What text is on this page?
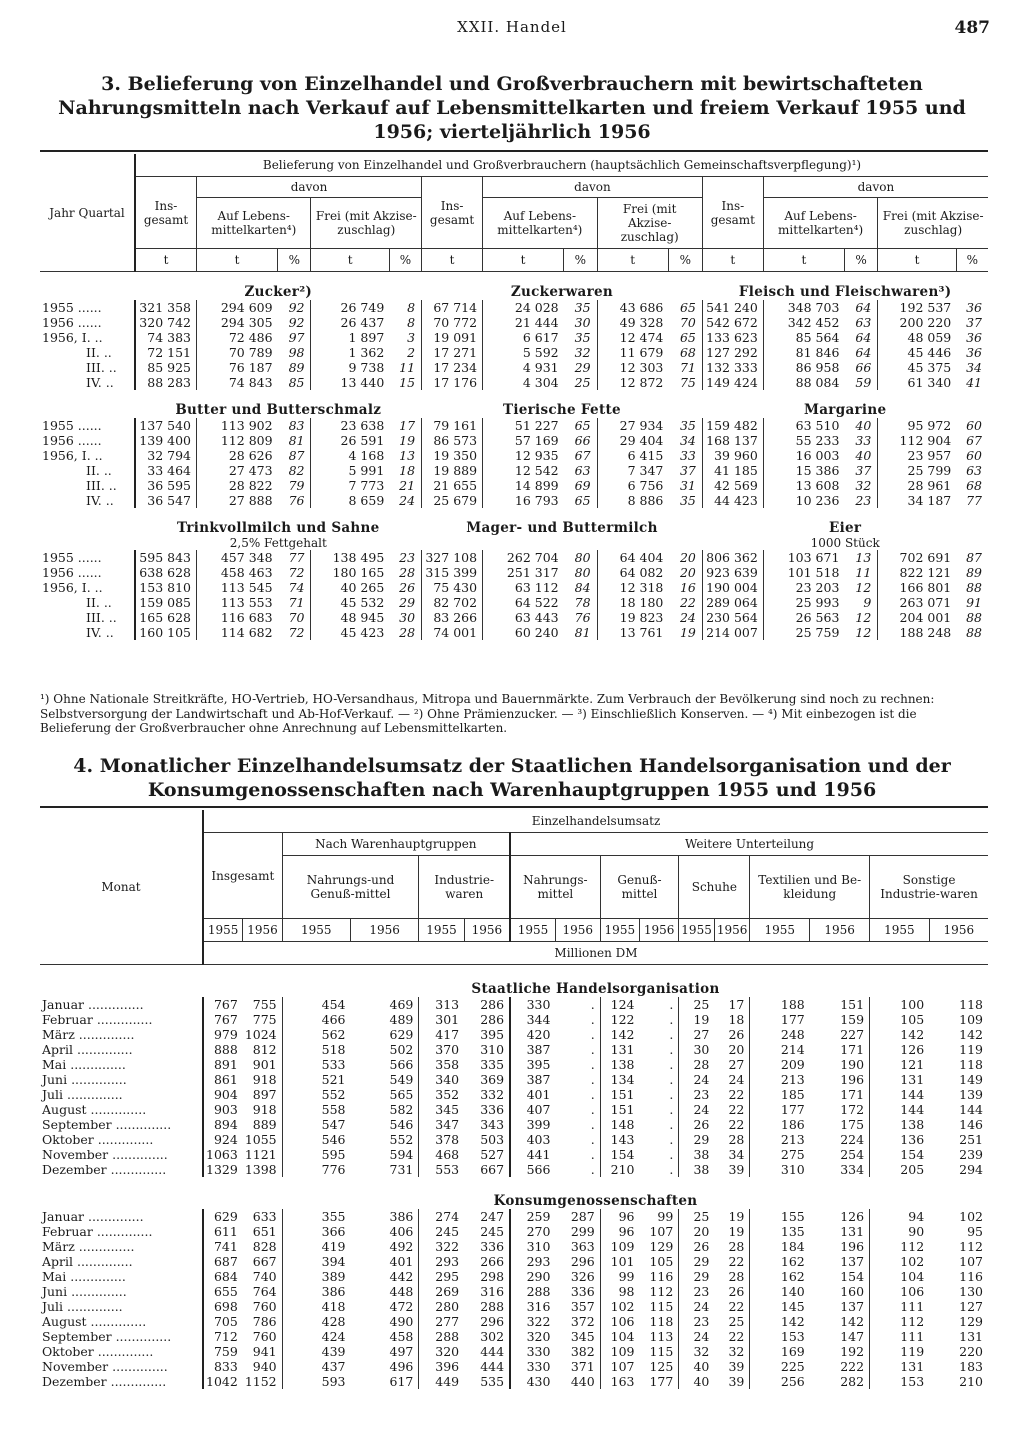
XXII. Handel	487
3. Belieferung von Einzelhandel und Großverbrauchern mit bewirtschafteten Nahrungsmitteln nach Verkauf auf Lebensmittelkarten und freiem Verkauf 1955 und 1956; vierteljährlich 1956
Jahr Quartal	Belieferung von Einzelhandel und Großverbrauchern (hauptsächlich Gemeinschaftsverpflegung)¹)														
	Ins-gesamt	davon				Ins-gesamt	davon				Ins-gesamt	davon			
		Auf Lebens-mittelkarten⁴)		Frei (mit Akzise-zuschlag)			Auf Lebens-mittelkarten⁴)		Frei (mit Akzise-zuschlag)			Auf Lebens-mittelkarten⁴)		Frei (mit Akzise-zuschlag)	
	t	t	%	t	%	t	t	%	t	%	t	t	%	t	%
	Zucker²)					Zuckerwaren					Fleisch und Fleischwaren³)				
1955 ......	321 358	294 609	92	26 749	8	67 714	24 028	35	43 686	65	541 240	348 703	64	192 537	36
1956 ......	320 742	294 305	92	26 437	8	70 772	21 444	30	49 328	70	542 672	342 452	63	200 220	37
1956, I. ..	74 383	72 486	97	1 897	3	19 091	6 617	35	12 474	65	133 623	85 564	64	48 059	36
II. ..	72 151	70 789	98	1 362	2	17 271	5 592	32	11 679	68	127 292	81 846	64	45 446	36
III. ..	85 925	76 187	89	9 738	11	17 234	4 931	29	12 303	71	132 333	86 958	66	45 375	34
IV. ..	88 283	74 843	85	13 440	15	17 176	4 304	25	12 872	75	149 424	88 084	59	61 340	41
	Butter und Butterschmalz					Tierische Fette					Margarine				
1955 ......	137 540	113 902	83	23 638	17	79 161	51 227	65	27 934	35	159 482	63 510	40	95 972	60
1956 ......	139 400	112 809	81	26 591	19	86 573	57 169	66	29 404	34	168 137	55 233	33	112 904	67
1956, I. ..	32 794	28 626	87	4 168	13	19 350	12 935	67	6 415	33	39 960	16 003	40	23 957	60
II. ..	33 464	27 473	82	5 991	18	19 889	12 542	63	7 347	37	41 185	15 386	37	25 799	63
III. ..	36 595	28 822	79	7 773	21	21 655	14 899	69	6 756	31	42 569	13 608	32	28 961	68
IV. ..	36 547	27 888	76	8 659	24	25 679	16 793	65	8 886	35	44 423	10 236	23	34 187	77
	Trinkvollmilch und Sahne					Mager- und Buttermilch					Eier				
	2,5% Fettgehalt										1000 Stück				
1955 ......	595 843	457 348	77	138 495	23	327 108	262 704	80	64 404	20	806 362	103 671	13	702 691	87
1956 ......	638 628	458 463	72	180 165	28	315 399	251 317	80	64 082	20	923 639	101 518	11	822 121	89
1956, I. ..	153 810	113 545	74	40 265	26	75 430	63 112	84	12 318	16	190 004	23 203	12	166 801	88
II. ..	159 085	113 553	71	45 532	29	82 702	64 522	78	18 180	22	289 064	25 993	9	263 071	91
III. ..	165 628	116 683	70	48 945	30	83 266	63 443	76	19 823	24	230 564	26 563	12	204 001	88
IV. ..	160 105	114 682	72	45 423	28	74 001	60 240	81	13 761	19	214 007	25 759	12	188 248	88
¹) Ohne Nationale Streitkräfte, HO-Vertrieb, HO-Versandhaus, Mitropa und Bauernmärkte. Zum Verbrauch der Bevölkerung sind noch zu rechnen: Selbstversorgung der Landwirtschaft und Ab-Hof-Verkauf. — ²) Ohne Prämienzucker. — ³) Einschließlich Konserven. — ⁴) Mit einbezogen ist die Belieferung der Großverbraucher ohne Anrechnung auf Lebensmittelkarten.
4. Monatlicher Einzelhandelsumsatz der Staatlichen Handelsorganisation und der Konsumgenossenschaften nach Warenhauptgruppen 1955 und 1956
Monat	Einzelhandelsumsatz															
	Insgesamt		Nach Warenhauptgruppen				Weitere Unterteilung									
			Nahrungs-und Genuß-mittel		Industrie-waren		Nahrungs-mittel		Genuß-mittel		Schuhe		Textilien und Be-kleidung		Sonstige Industrie-waren	
	1955	1956	1955	1956	1955	1956	1955	1956	1955	1956	1955	1956	1955	1956	1955	1956
	Millionen DM															
	Staatliche Handelsorganisation															
Januar ..............	767	755	454	469	313	286	330	.	124	.	25	17	188	151	100	118
Februar ..............	767	775	466	489	301	286	344	.	122	.	19	18	177	159	105	109
März ..............	979	1024	562	629	417	395	420	.	142	.	27	26	248	227	142	142
April ..............	888	812	518	502	370	310	387	.	131	.	30	20	214	171	126	119
Mai ..............	891	901	533	566	358	335	395	.	138	.	28	27	209	190	121	118
Juni ..............	861	918	521	549	340	369	387	.	134	.	24	24	213	196	131	149
Juli ..............	904	897	552	565	352	332	401	.	151	.	23	22	185	171	144	139
August ..............	903	918	558	582	345	336	407	.	151	.	24	22	177	172	144	144
September ..............	894	889	547	546	347	343	399	.	148	.	26	22	186	175	138	146
Oktober ..............	924	1055	546	552	378	503	403	.	143	.	29	28	213	224	136	251
November ..............	1063	1121	595	594	468	527	441	.	154	.	38	34	275	254	154	239
Dezember ..............	1329	1398	776	731	553	667	566	.	210	.	38	39	310	334	205	294
	Konsumgenossenschaften															
Januar ..............	629	633	355	386	274	247	259	287	96	99	25	19	155	126	94	102
Februar ..............	611	651	366	406	245	245	270	299	96	107	20	19	135	131	90	95
März ..............	741	828	419	492	322	336	310	363	109	129	26	28	184	196	112	112
April ..............	687	667	394	401	293	266	293	296	101	105	29	22	162	137	102	107
Mai ..............	684	740	389	442	295	298	290	326	99	116	29	28	162	154	104	116
Juni ..............	655	764	386	448	269	316	288	336	98	112	23	26	140	160	106	130
Juli ..............	698	760	418	472	280	288	316	357	102	115	24	22	145	137	111	127
August ..............	705	786	428	490	277	296	322	372	106	118	23	25	142	142	112	129
September ..............	712	760	424	458	288	302	320	345	104	113	24	22	153	147	111	131
Oktober ..............	759	941	439	497	320	444	330	382	109	115	32	32	169	192	119	220
November ..............	833	940	437	496	396	444	330	371	107	125	40	39	225	222	131	183
Dezember ..............	1042	1152	593	617	449	535	430	440	163	177	40	39	256	282	153	210
